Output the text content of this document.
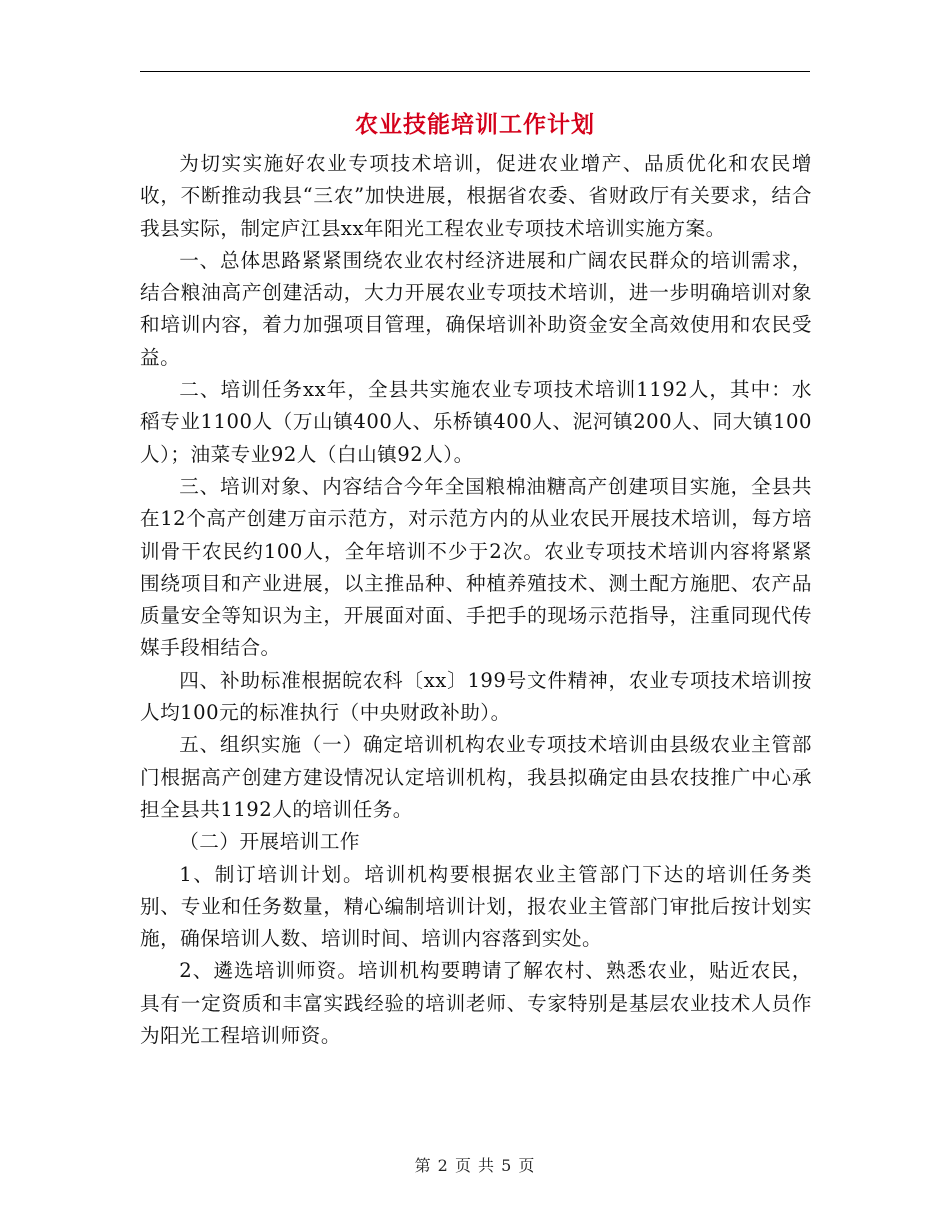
农业技能培训工作计划

为切实实施好农业专项技术培训，促进农业增产、品质优化和农民增收，不断推动我县“三农”加快进展，根据省农委、省财政厅有关要求，结合我县实际，制定庐江县xx年阳光工程农业专项技术培训实施方案。

一、总体思路紧紧围绕农业农村经济进展和广阔农民群众的培训需求，结合粮油高产创建活动，大力开展农业专项技术培训，进一步明确培训对象和培训内容，着力加强项目管理，确保培训补助资金安全高效使用和农民受益。

二、培训任务xx年，全县共实施农业专项技术培训1192人，其中：水稻专业1100人（万山镇400人、乐桥镇400人、泥河镇200人、同大镇100人）；油菜专业92人（白山镇92人）。

三、培训对象、内容结合今年全国粮棉油糖高产创建项目实施，全县共在12个高产创建万亩示范方，对示范方内的从业农民开展技术培训，每方培训骨干农民约100人，全年培训不少于2次。农业专项技术培训内容将紧紧围绕项目和产业进展，以主推品种、种植养殖技术、测土配方施肥、农产品质量安全等知识为主，开展面对面、手把手的现场示范指导，注重同现代传媒手段相结合。

四、补助标准根据皖农科〔xx〕199号文件精神，农业专项技术培训按人均100元的标准执行（中央财政补助）。

五、组织实施（一）确定培训机构农业专项技术培训由县级农业主管部门根据高产创建方建设情况认定培训机构，我县拟确定由县农技推广中心承担全县共1192人的培训任务。

（二）开展培训工作

1、制订培训计划。培训机构要根据农业主管部门下达的培训任务类别、专业和任务数量，精心编制培训计划，报农业主管部门审批后按计划实施，确保培训人数、培训时间、培训内容落到实处。

2、遴选培训师资。培训机构要聘请了解农村、熟悉农业，贴近农民，具有一定资质和丰富实践经验的培训老师、专家特别是基层农业技术人员作为阳光工程培训师资。

第 2 页 共 5 页
